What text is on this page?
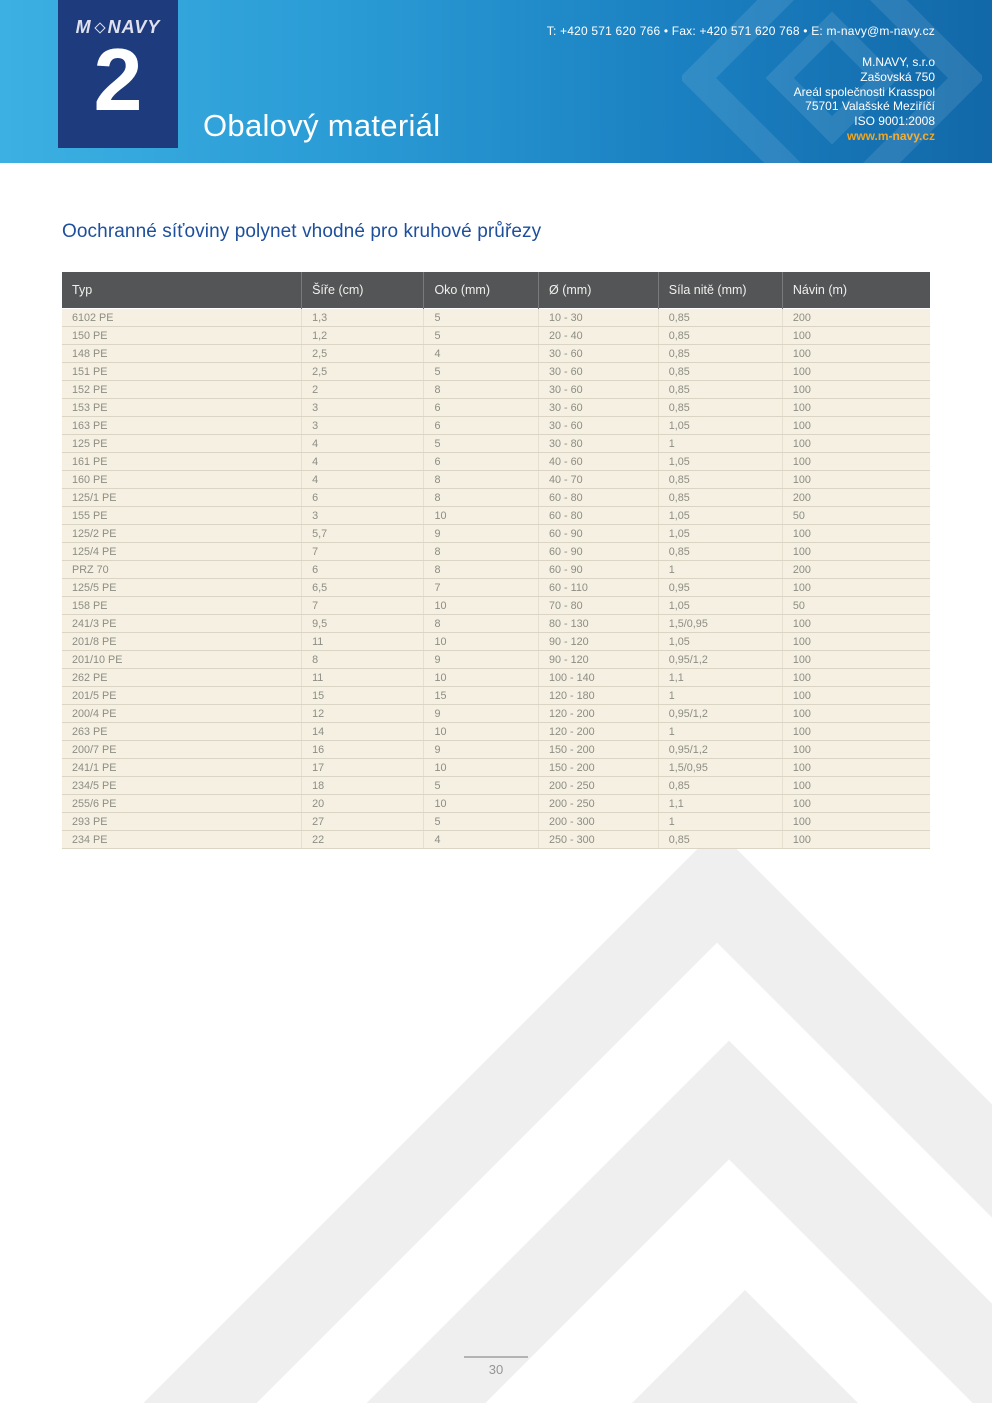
M NAVY
2 Obalový materiál
T: +420 571 620 766 • Fax: +420 571 620 768 • E: m-navy@m-navy.cz
M.NAVY, s.r.o
Zašovská 750
Areál společnosti Krasspol
75701 Valašské Meziříčí
ISO 9001:2008
www.m-navy.cz
Oochranné síťoviny polynet vhodné pro kruhové průřezy
Typ	Šíře (cm)	Oko (mm)	Ø (mm)	Síla nitě (mm)	Návin (m)
6102 PE	1,3	5	10 - 30	0,85	200
150 PE	1,2	5	20 - 40	0,85	100
148 PE	2,5	4	30 - 60	0,85	100
151 PE	2,5	5	30 - 60	0,85	100
152 PE	2	8	30 - 60	0,85	100
153 PE	3	6	30 - 60	0,85	100
163 PE	3	6	30 - 60	1,05	100
125 PE	4	5	30 - 80	1	100
161 PE	4	6	40 - 60	1,05	100
160 PE	4	8	40 - 70	0,85	100
125/1 PE	6	8	60 - 80	0,85	200
155 PE	3	10	60 - 80	1,05	50
125/2 PE	5,7	9	60 - 90	1,05	100
125/4 PE	7	8	60 - 90	0,85	100
PRZ 70	6	8	60 - 90	1	200
125/5 PE	6,5	7	60 - 110	0,95	100
158 PE	7	10	70 - 80	1,05	50
241/3 PE	9,5	8	80 - 130	1,5/0,95	100
201/8 PE	11	10	90 - 120	1,05	100
201/10 PE	8	9	90 - 120	0,95/1,2	100
262 PE	11	10	100 - 140	1,1	100
201/5 PE	15	15	120 - 180	1	100
200/4 PE	12	9	120 - 200	0,95/1,2	100
263 PE	14	10	120 - 200	1	100
200/7 PE	16	9	150 - 200	0,95/1,2	100
241/1 PE	17	10	150 - 200	1,5/0,95	100
234/5 PE	18	5	200 - 250	0,85	100
255/6 PE	20	10	200 - 250	1,1	100
293 PE	27	5	200 - 300	1	100
234 PE	22	4	250 - 300	0,85	100
30
